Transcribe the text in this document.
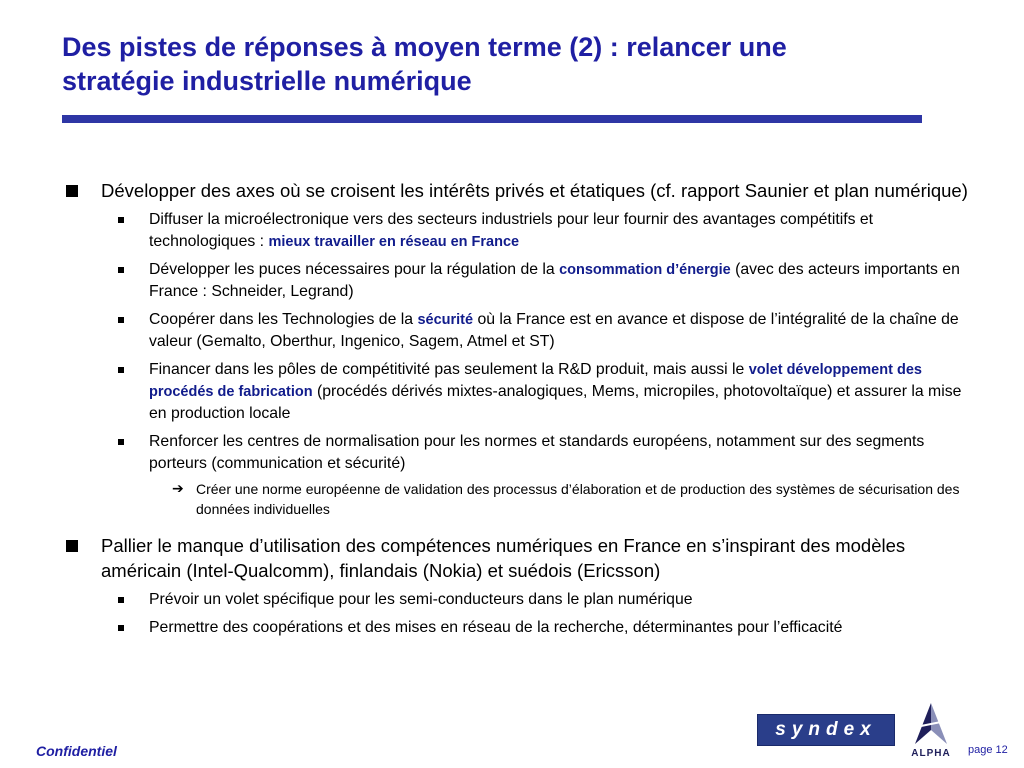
Des pistes de réponses à moyen terme (2) : relancer une
stratégie industrielle numérique
Développer des axes où se croisent les intérêts privés et étatiques (cf. rapport Saunier et plan numérique)
Diffuser la microélectronique vers des secteurs industriels pour leur fournir des avantages compétitifs et technologiques : mieux travailler en réseau en France
Développer les puces nécessaires pour la régulation de la consommation d’énergie (avec des acteurs importants en France : Schneider, Legrand)
Coopérer dans les Technologies de la sécurité où la France est en avance et dispose de l’intégralité de la chaîne de valeur (Gemalto, Oberthur, Ingenico, Sagem, Atmel et ST)
Financer dans les pôles de compétitivité pas seulement la R&D produit, mais aussi le volet développement des procédés de fabrication (procédés dérivés mixtes-analogiques, Mems, micropiles, photovoltaïque) et assurer la mise en production locale
Renforcer les centres de normalisation pour les normes et standards européens, notamment sur des segments porteurs (communication et sécurité)
➔ Créer une norme européenne de validation des processus d’élaboration et de production des systèmes de sécurisation des données individuelles
Pallier le manque d’utilisation des compétences numériques en France en s’inspirant des modèles américain (Intel-Qualcomm), finlandais (Nokia) et suédois (Ericsson)
Prévoir un volet spécifique pour les semi-conducteurs dans le plan numérique
Permettre des coopérations et des mises en réseau de la recherche, déterminantes pour l’efficacité
syndex
ALPHA
Confidentiel	page 12
